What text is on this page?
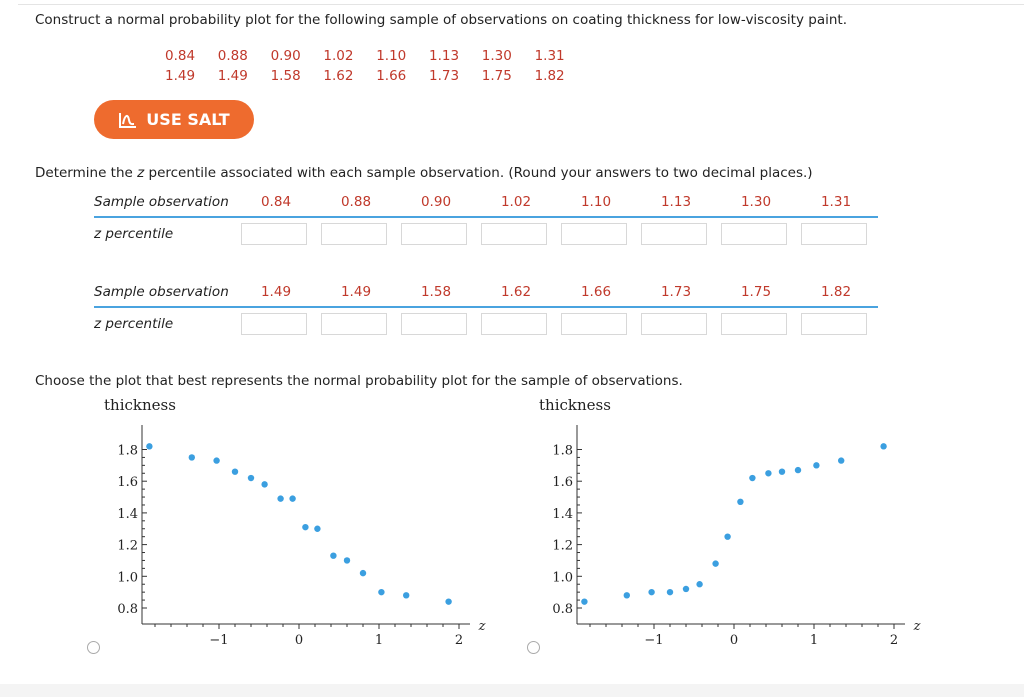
Construct a normal probability plot for the following sample of observations on coating thickness for low-viscosity paint.
0.84	0.88	0.90	1.02	1.10	1.13	1.30	1.31
1.49	1.49	1.58	1.62	1.66	1.73	1.75	1.82
USE SALT
Determine the z percentile associated with each sample observation. (Round your answers to two decimal places.)
Sample observation	0.84	0.88	0.90	1.02	1.10	1.13	1.30	1.31
z percentile
Sample observation	1.49	1.49	1.58	1.62	1.66	1.73	1.75	1.82
z percentile
Choose the plot that best represents the normal probability plot for the sample of observations.
thickness	thickness
−1	0	1	2
0.8
1.0
1.2
1.4
1.6
1.8
z
−1	0	1	2
0.8
1.0
1.2
1.4
1.6
1.8
z
